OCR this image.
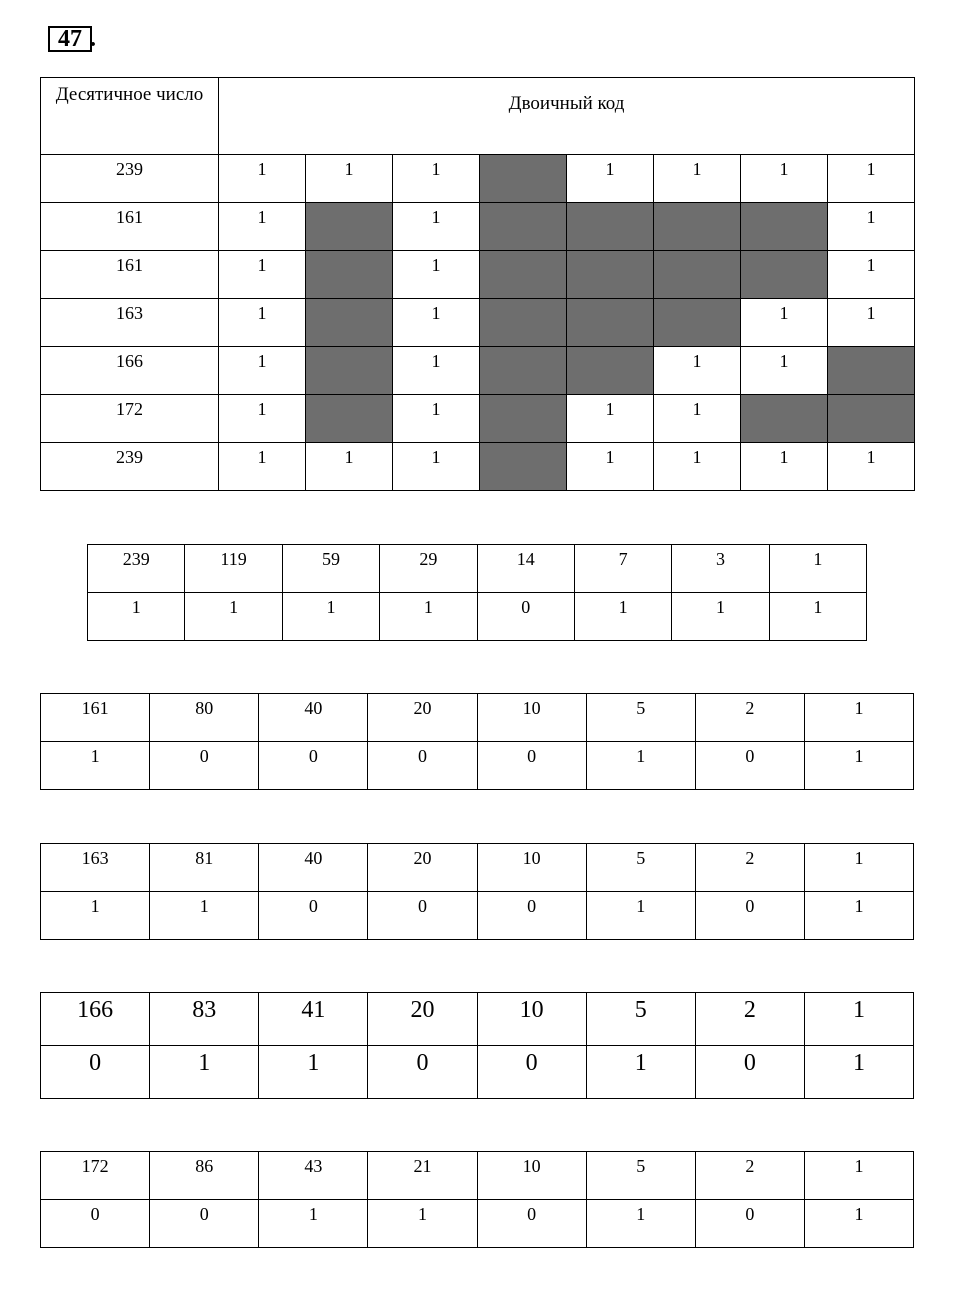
47 .
Десятичное число	Двоичный код							
239	1	1	1		1	1	1	1
161	1		1					1
161	1		1					1
163	1		1				1	1
166	1		1			1	1	
172	1		1		1	1		
239	1	1	1		1	1	1	1
239	119	59	29	14	7	3	1
1	1	1	1	0	1	1	1
161	80	40	20	10	5	2	1
1	0	0	0	0	1	0	1
163	81	40	20	10	5	2	1
1	1	0	0	0	1	0	1
166	83	41	20	10	5	2	1
0	1	1	0	0	1	0	1
172	86	43	21	10	5	2	1
0	0	1	1	0	1	0	1
